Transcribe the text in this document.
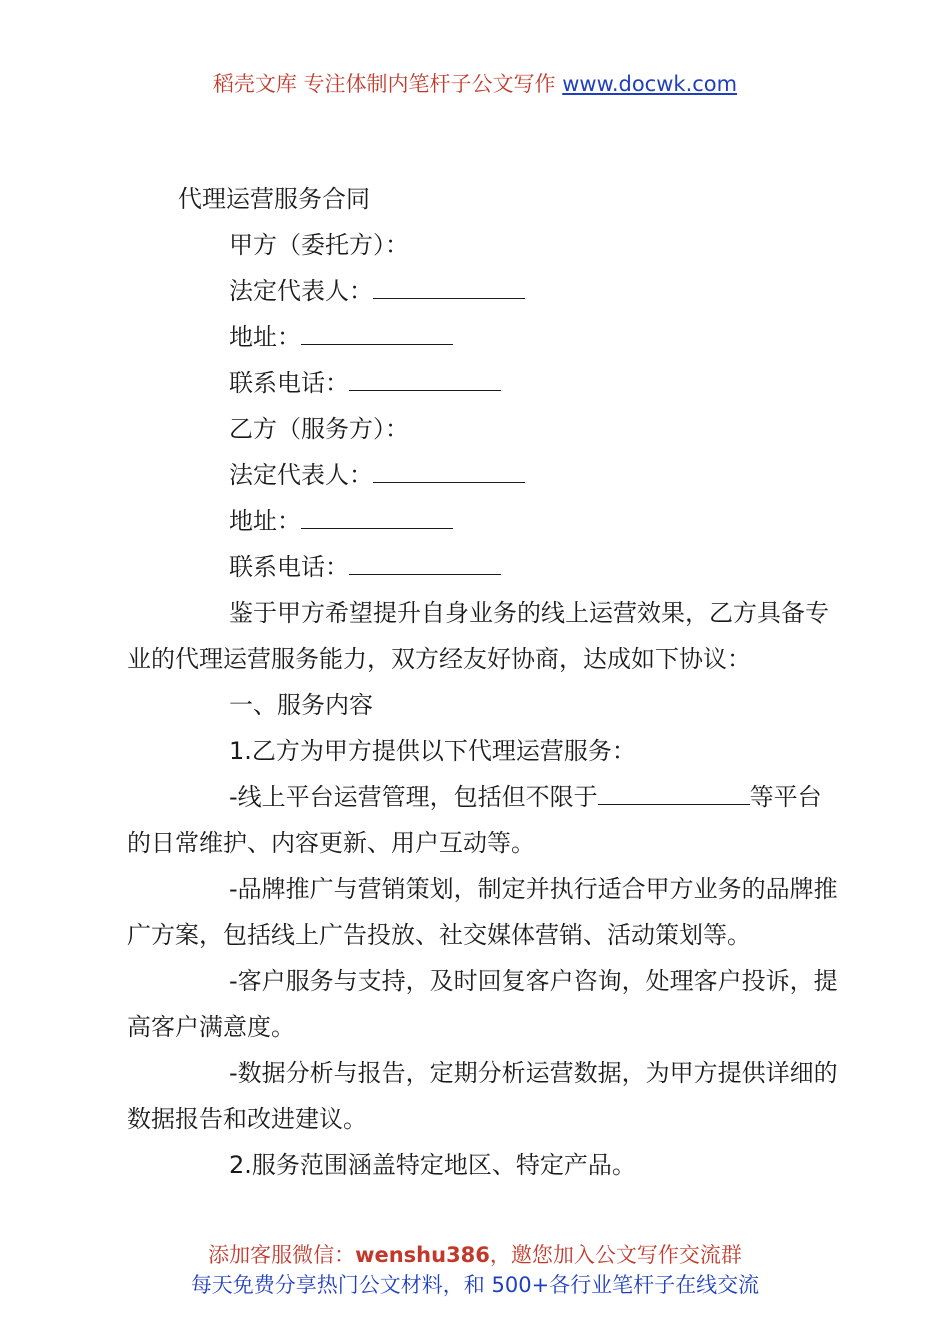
稻壳文库 专注体制内笔杆子公文写作 www.docwk.com

代理运营服务合同

甲方（委托方）：

法定代表人：

地址：

联系电话：

乙方（服务方）：

法定代表人：

地址：

联系电话：

鉴于甲方希望提升自身业务的线上运营效果，乙方具备专业的代理运营服务能力，双方经友好协商，达成如下协议：

一、服务内容

1.乙方为甲方提供以下代理运营服务：

-线上平台运营管理，包括但不限于	等平台的日常维护、内容更新、用户互动等。

-品牌推广与营销策划，制定并执行适合甲方业务的品牌推广方案，包括线上广告投放、社交媒体营销、活动策划等。

-客户服务与支持，及时回复客户咨询，处理客户投诉，提高客户满意度。

-数据分析与报告，定期分析运营数据，为甲方提供详细的数据报告和改进建议。

2.服务范围涵盖特定地区、特定产品。

添加客服微信：wenshu386，邀您加入公文写作交流群
每天免费分享热门公文材料，和 500+各行业笔杆子在线交流
